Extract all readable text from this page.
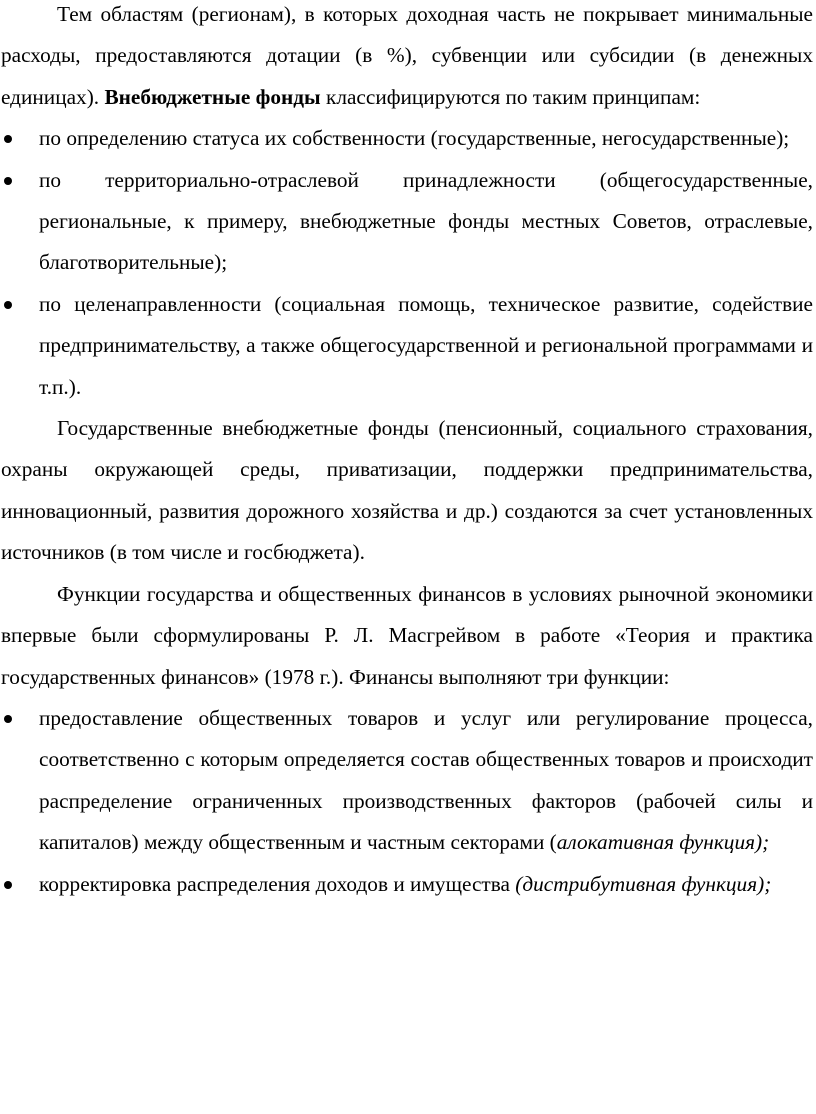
Тем областям (регионам), в которых доходная часть не покрывает минимальные расходы, предоставляются дотации (в %), субвенции или субсидии (в денежных единицах). Внебюджетные фонды классифицируются по таким принципам:

по определению статуса их собственности (государственные, негосударственные);
по территориально-отраслевой принадлежности (общегосударственные, региональные, к примеру, внебюджетные фонды местных Советов, отраслевые, благотворительные);
по целенаправленности (социальная помощь, техническое развитие, содействие предпринимательству, а также общегосударственной и региональной программами и т.п.).

Государственные внебюджетные фонды (пенсионный, социального страхования, охраны окружающей среды, приватизации, поддержки предпринимательства, инновационный, развития дорожного хозяйства и др.) создаются за счет установленных источников (в том числе и госбюджета).

Функции государства и общественных финансов в условиях рыночной экономики впервые были сформулированы Р. Л. Масгрейвом в работе «Теория и практика государственных финансов» (1978 г.). Финансы выполняют три функции:

предоставление общественных товаров и услуг или регулирование процесса, соответственно с которым определяется состав общественных товаров и происходит распределение ограниченных производственных факторов (рабочей силы и капиталов) между общественным и частным секторами (алокативная функция);
корректировка распределения доходов и имущества (дистрибутивная функция);
